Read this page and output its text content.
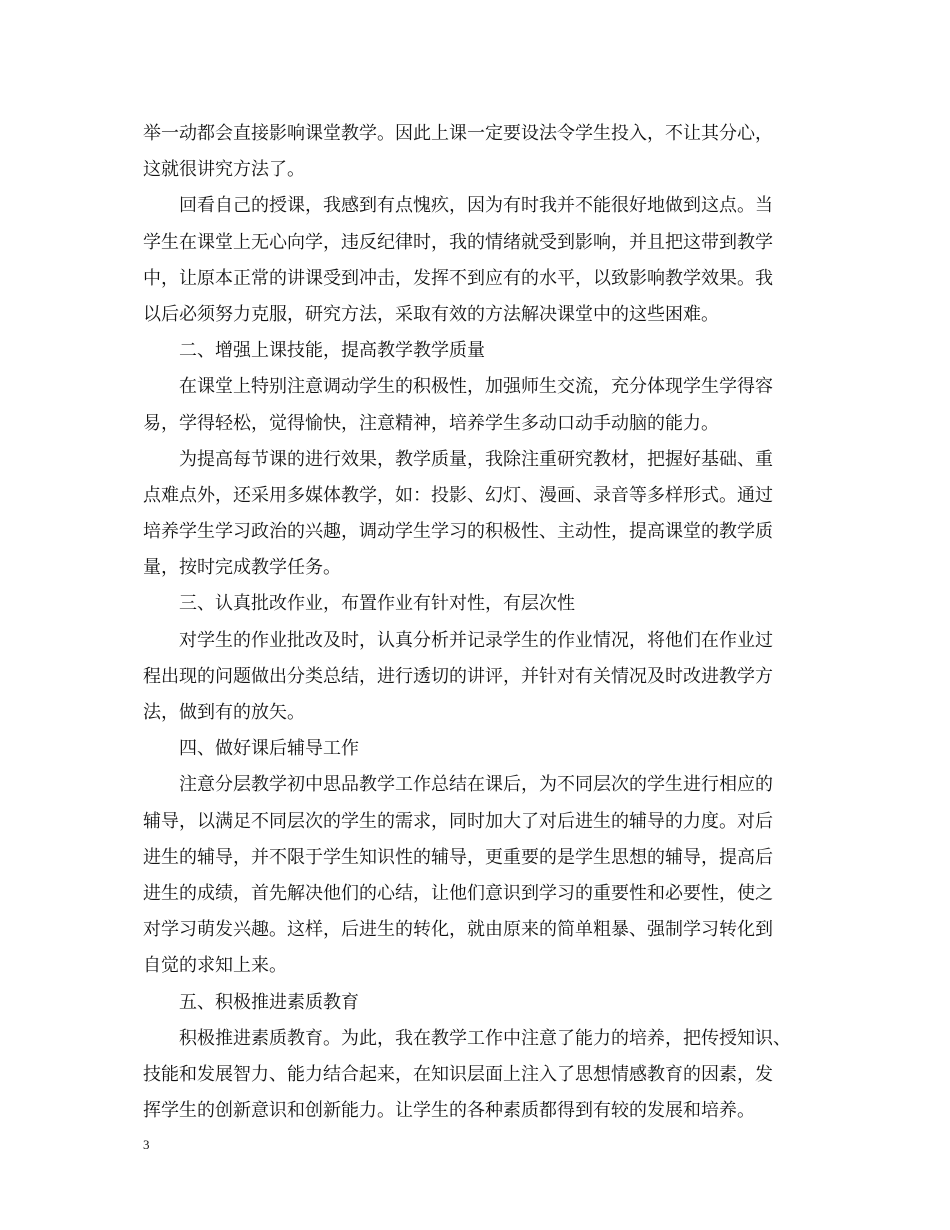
举一动都会直接影响课堂教学。因此上课一定要设法令学生投入，不让其分心，
这就很讲究方法了。
回看自己的授课，我感到有点愧疚，因为有时我并不能很好地做到这点。当
学生在课堂上无心向学，违反纪律时，我的情绪就受到影响，并且把这带到教学
中，让原本正常的讲课受到冲击，发挥不到应有的水平，以致影响教学效果。我
以后必须努力克服，研究方法，采取有效的方法解决课堂中的这些困难。
二、增强上课技能，提高教学教学质量
在课堂上特别注意调动学生的积极性，加强师生交流，充分体现学生学得容
易，学得轻松，觉得愉快，注意精神，培养学生多动口动手动脑的能力。
为提高每节课的进行效果，教学质量，我除注重研究教材，把握好基础、重
点难点外，还采用多媒体教学，如：投影、幻灯、漫画、录音等多样形式。通过
培养学生学习政治的兴趣，调动学生学习的积极性、主动性，提高课堂的教学质
量，按时完成教学任务。
三、认真批改作业，布置作业有针对性，有层次性
对学生的作业批改及时，认真分析并记录学生的作业情况，将他们在作业过
程出现的问题做出分类总结，进行透切的讲评，并针对有关情况及时改进教学方
法，做到有的放矢。
四、做好课后辅导工作
注意分层教学初中思品教学工作总结在课后，为不同层次的学生进行相应的
辅导，以满足不同层次的学生的需求，同时加大了对后进生的辅导的力度。对后
进生的辅导，并不限于学生知识性的辅导，更重要的是学生思想的辅导，提高后
进生的成绩，首先解决他们的心结，让他们意识到学习的重要性和必要性，使之
对学习萌发兴趣。这样，后进生的转化，就由原来的简单粗暴、强制学习转化到
自觉的求知上来。
五、积极推进素质教育
积极推进素质教育。为此，我在教学工作中注意了能力的培养，把传授知识、
技能和发展智力、能力结合起来，在知识层面上注入了思想情感教育的因素，发
挥学生的创新意识和创新能力。让学生的各种素质都得到有较的发展和培养。
3
